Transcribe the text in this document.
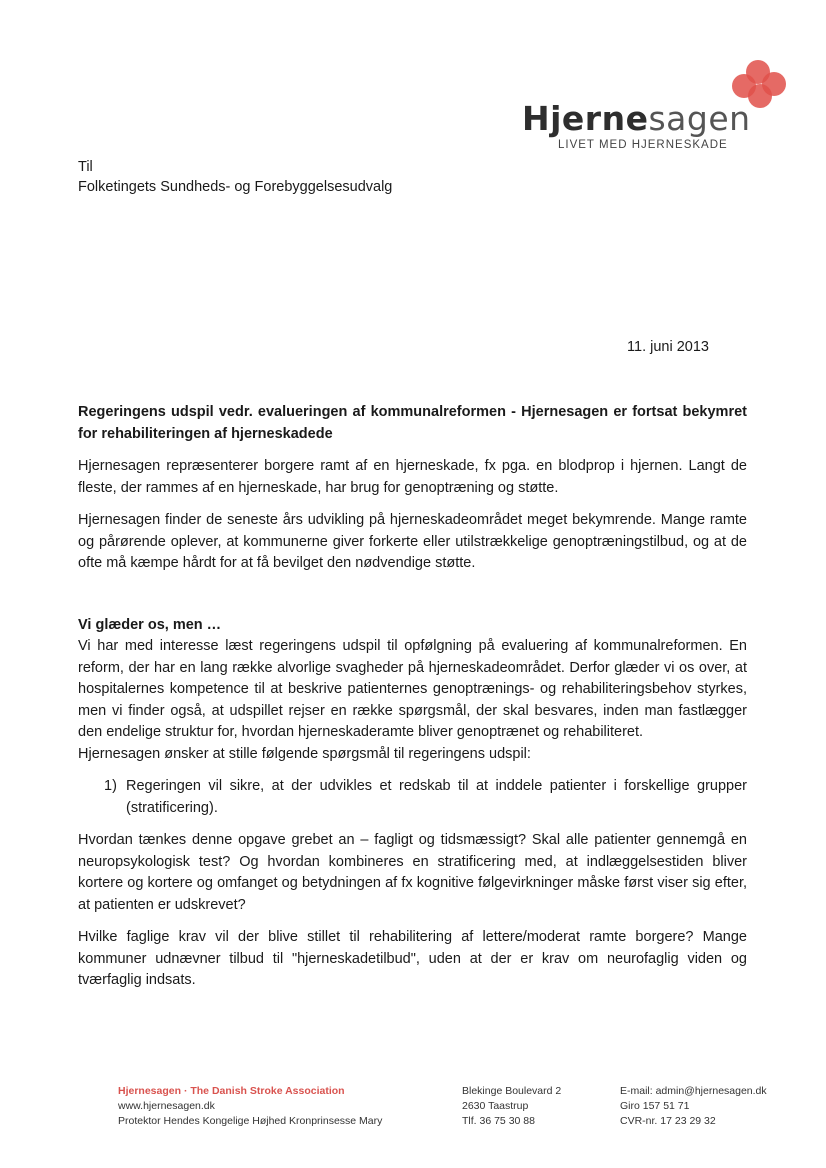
Hjernesagen
LIVET MED HJERNESKADE
Til
Folketingets Sundheds- og Forebyggelsesudvalg
11. juni 2013

Regeringens udspil vedr. evalueringen af kommunalreformen - Hjernesagen er fortsat bekymret for rehabiliteringen af hjerneskadede

Hjernesagen repræsenterer borgere ramt af en hjerneskade, fx pga. en blodprop i hjernen. Langt de fleste, der rammes af en hjerneskade, har brug for genoptræning og støtte.

Hjernesagen finder de seneste års udvikling på hjerneskadeområdet meget bekymrende. Mange ramte og pårørende oplever, at kommunerne giver forkerte eller utilstrækkelige genoptræningstilbud, og at de ofte må kæmpe hårdt for at få bevilget den nødvendige støtte.

Vi glæder os, men …
Vi har med interesse læst regeringens udspil til opfølgning på evaluering af kommunalreformen. En reform, der har en lang række alvorlige svagheder på hjerneskadeområdet. Derfor glæder vi os over, at hospitalernes kompetence til at beskrive patienternes genoptrænings- og rehabiliteringsbehov styrkes, men vi finder også, at udspillet rejser en række spørgsmål, der skal besvares, inden man fastlægger den endelige struktur for, hvordan hjerneskaderamte bliver genoptrænet og rehabiliteret.

Hjernesagen ønsker at stille følgende spørgsmål til regeringens udspil:

1) Regeringen vil sikre, at der udvikles et redskab til at inddele patienter i forskellige grupper (stratificering).

Hvordan tænkes denne opgave grebet an – fagligt og tidsmæssigt? Skal alle patienter gennemgå en neuropsykologisk test? Og hvordan kombineres en stratificering med, at indlæggelsestiden bliver kortere og kortere og omfanget og betydningen af fx kognitive følgevirkninger måske først viser sig efter, at patienten er udskrevet?

Hvilke faglige krav vil der blive stillet til rehabilitering af lettere/moderat ramte borgere? Mange kommuner udnævner tilbud til "hjerneskadetilbud", uden at der er krav om neurofaglig viden og tværfaglig indsats.

Hjernesagen · The Danish Stroke Association
www.hjernesagen.dk
Protektor Hendes Kongelige Højhed Kronprinsesse Mary
Blekinge Boulevard 2
2630 Taastrup
Tlf. 36 75 30 88
E-mail: admin@hjernesagen.dk
Giro 157 51 71
CVR-nr. 17 23 29 32
